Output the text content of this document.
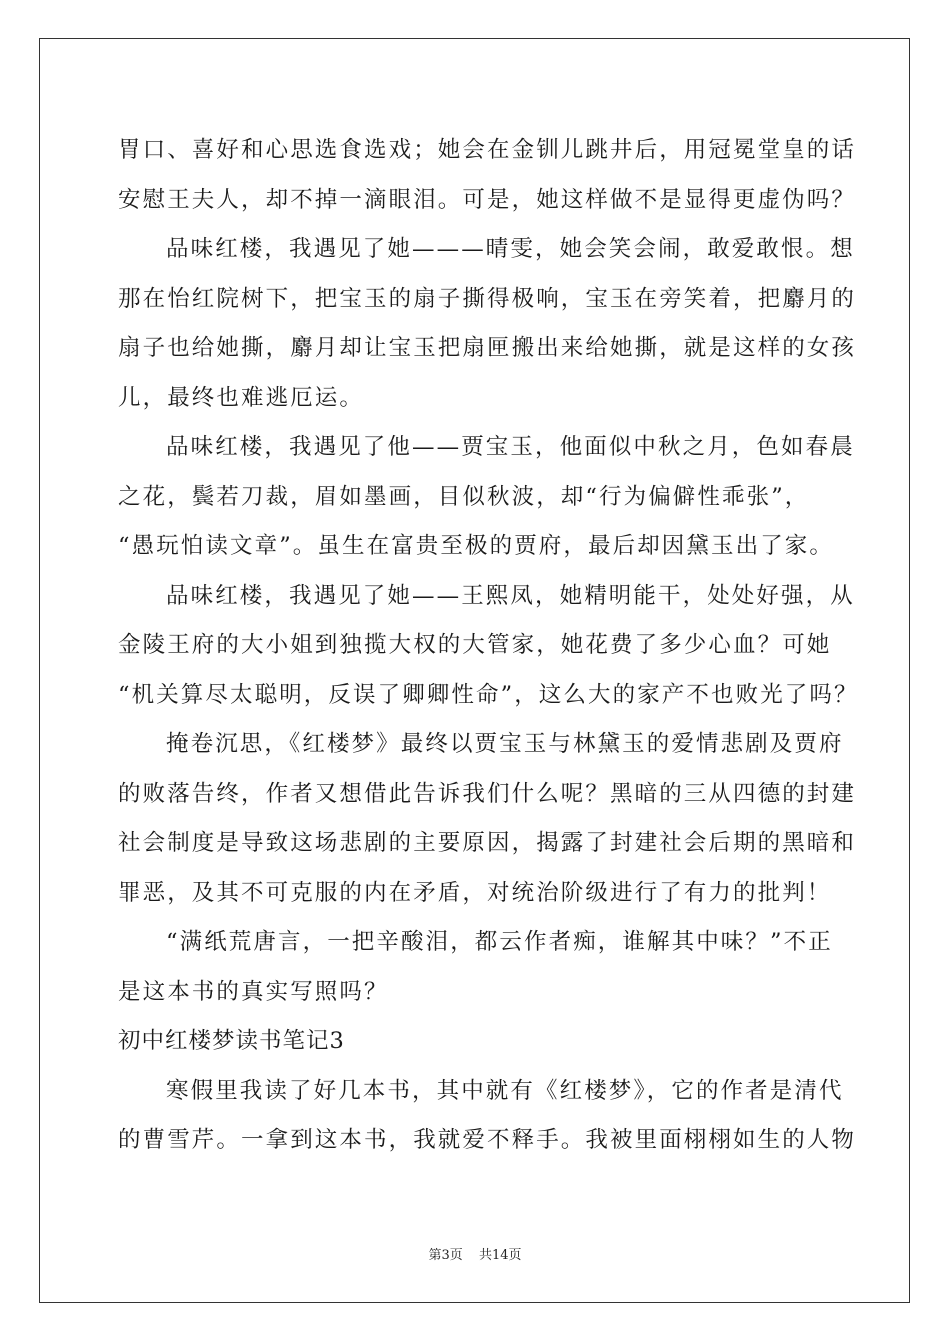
胃口、喜好和心思选食选戏；她会在金钏儿跳井后，用冠冕堂皇的话
安慰王夫人，却不掉一滴眼泪。可是，她这样做不是显得更虚伪吗？
品味红楼，我遇见了她———晴雯，她会笑会闹，敢爱敢恨。想
那在怡红院树下，把宝玉的扇子撕得极响，宝玉在旁笑着，把麝月的
扇子也给她撕，麝月却让宝玉把扇匣搬出来给她撕，就是这样的女孩
儿，最终也难逃厄运。
品味红楼，我遇见了他——贾宝玉，他面似中秋之月，色如春晨
之花，鬓若刀裁，眉如墨画，目似秋波，却“行为偏僻性乖张”，
“愚玩怕读文章”。虽生在富贵至极的贾府，最后却因黛玉出了家。
品味红楼，我遇见了她——王熙凤，她精明能干，处处好强，从
金陵王府的大小姐到独揽大权的大管家，她花费了多少心血？可她
“机关算尽太聪明，反误了卿卿性命”，这么大的家产不也败光了吗？
掩卷沉思，《红楼梦》最终以贾宝玉与林黛玉的爱情悲剧及贾府
的败落告终，作者又想借此告诉我们什么呢？黑暗的三从四德的封建
社会制度是导致这场悲剧的主要原因，揭露了封建社会后期的黑暗和
罪恶，及其不可克服的内在矛盾，对统治阶级进行了有力的批判！
“满纸荒唐言，一把辛酸泪，都云作者痴，谁解其中味？”不正
是这本书的真实写照吗？
初中红楼梦读书笔记3
寒假里我读了好几本书，其中就有《红楼梦》，它的作者是清代
的曹雪芹。一拿到这本书，我就爱不释手。我被里面栩栩如生的人物
第3页 共14页
